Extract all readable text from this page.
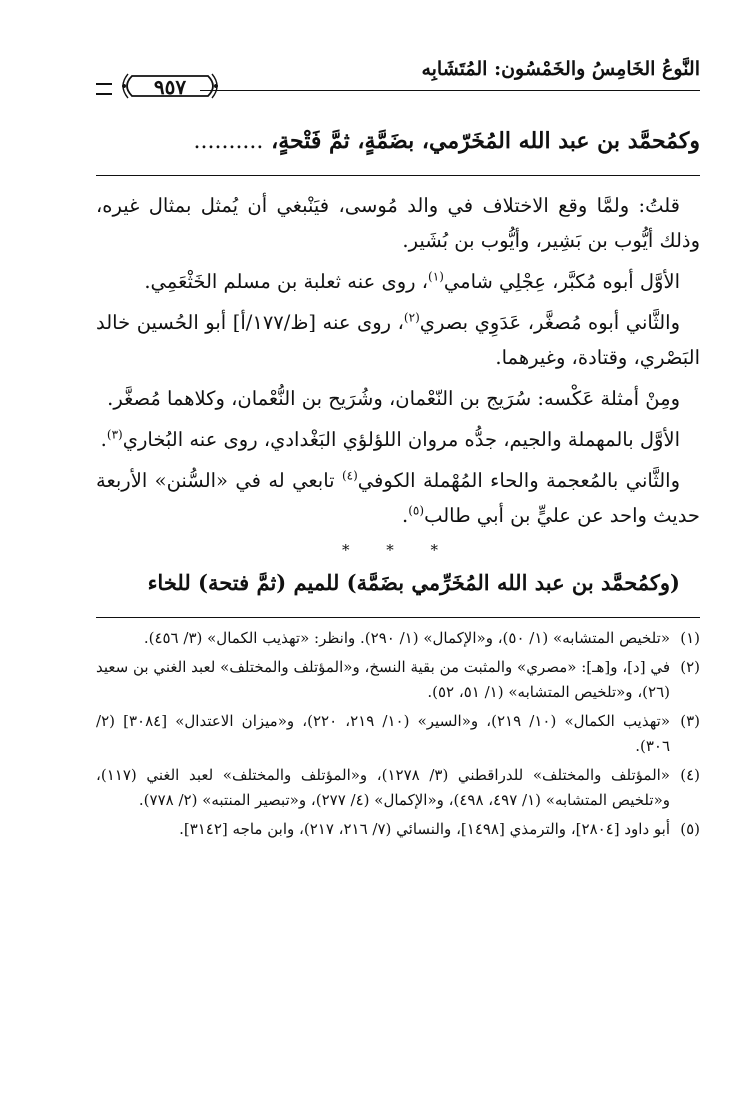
النَّوعُ الخَامِسُ والخَمْسُون: المُتَشَابِه
٩٥٧
وكمُحمَّد بن عبد الله المُخَرّمي، بضَمَّةٍ، ثمَّ فَتْحةٍ، ..........

قلتُ: ولمَّا وقع الاختلاف في والد مُوسى، فيَنْبغي أن يُمثل بمثال غيره، وذلك أيُّوب بن بَشِير، وأيُّوب بن بُشَير.

الأوَّل أبوه مُكبَّر، عِجْلِي شامي$^{(١)}$، روى عنه ثعلبة بن مسلم الخَثْعَمِي.

والثَّاني أبوه مُصغَّر، عَدَوِي بصري$^{(٢)}$، روى عنه [ظ/١٧٧/أ] أبو الحُسين خالد البَصْري، وقتادة، وغيرهما.

ومِنْ أمثلة عَكْسه: سُرَيج بن النّعْمان، وشُرَيح بن النُّعْمان، وكلاهما مُصغَّر.

الأوَّل بالمهملة والجيم، جدُّه مروان اللؤلؤي البَغْدادي، روى عنه البُخاري$^{(٣)}$.

والثَّاني بالمُعجمة والحاء المُهْملة الكوفي$^{(٤)}$ تابعي له في «السُّنن» الأربعة حديث واحد عن عليٍّ بن أبي طالب$^{(٥)}$.

* * *
(وكمُحمَّد بن عبد الله المُخَرِّمي بضَمَّة) للميم (ثمَّ فتحة) للخاء
(١)
«تلخيص المتشابه» (١/ ٥٠)، و«الإكمال» (١/ ٢٩٠). وانظر: «تهذيب الكمال» (٣/ ٤٥٦).
(٢)
في [د]، و[هـ]: «مصري» والمثبت من بقية النسخ، و«المؤتلف والمختلف» لعبد الغني بن سعيد (٢٦)، و«تلخيص المتشابه» (١/ ٥١، ٥٢).
(٣)
«تهذيب الكمال» (١٠/ ٢١٩)، و«السير» (١٠/ ٢١٩، ٢٢٠)، و«ميزان الاعتدال» [٣٠٨٤] (٢/ ٣٠٦).
(٤)
«المؤتلف والمختلف» للدراقطني (٣/ ١٢٧٨)، و«المؤتلف والمختلف» لعبد الغني (١١٧)، و«تلخيص المتشابه» (١/ ٤٩٧، ٤٩٨)، و«الإكمال» (٤/ ٢٧٧)، و«تبصير المنتبه» (٢/ ٧٧٨).
(٥)
أبو داود [٢٨٠٤]، والترمذي [١٤٩٨]، والنسائي (٧/ ٢١٦، ٢١٧)، وابن ماجه [٣١٤٢].
